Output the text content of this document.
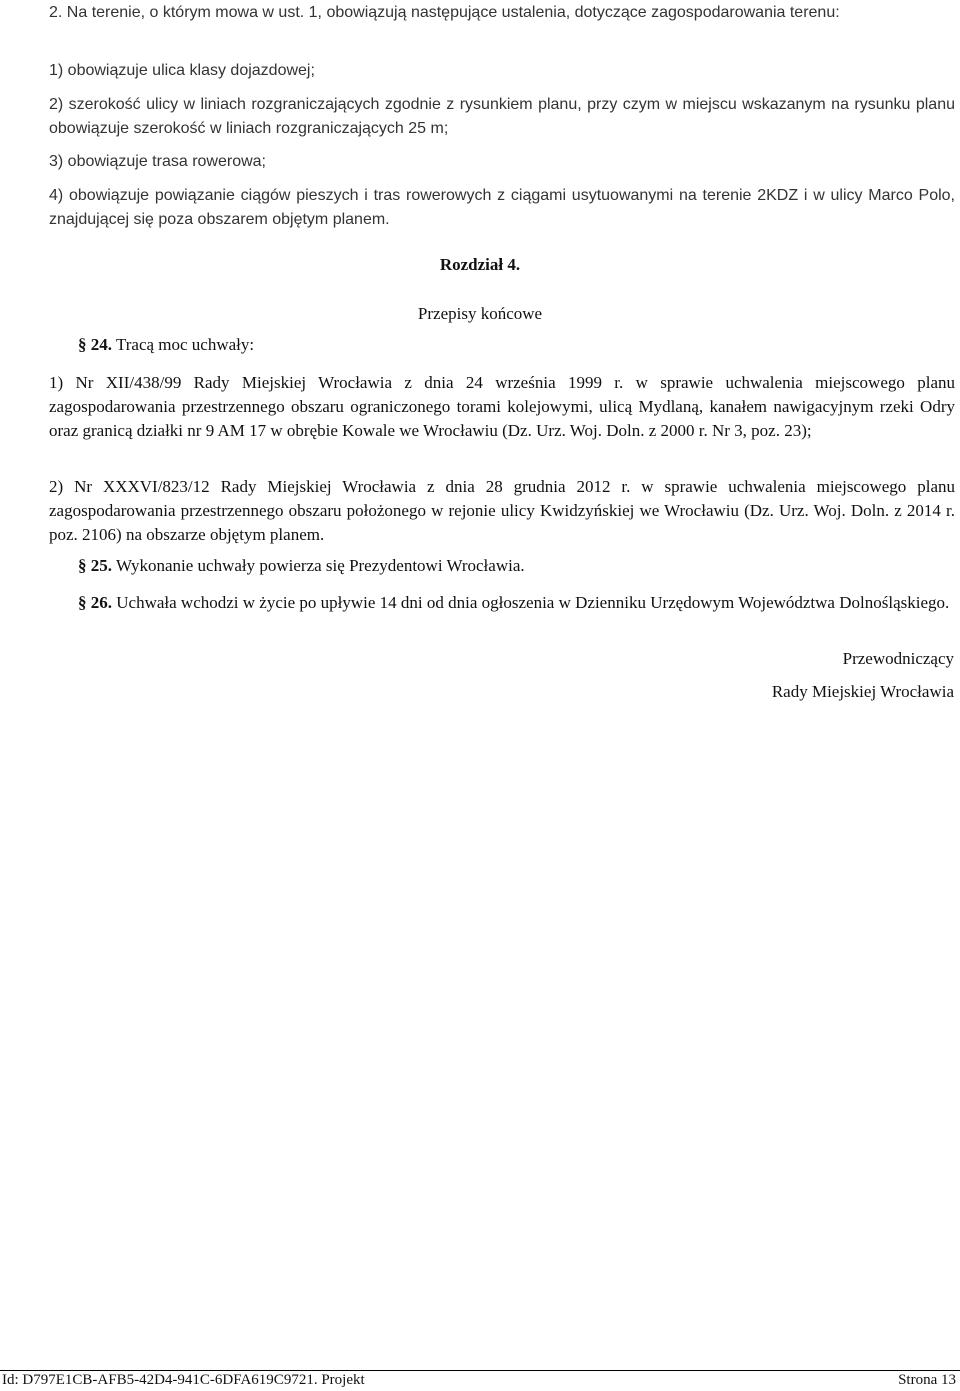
2. Na terenie, o którym mowa w ust. 1, obowiązują następujące ustalenia, dotyczące zagospodarowania terenu:
1) obowiązuje ulica klasy dojazdowej;
2) szerokość ulicy w liniach rozgraniczających zgodnie z rysunkiem planu, przy czym w miejscu wskazanym na rysunku planu obowiązuje szerokość w liniach rozgraniczających 25 m;
3) obowiązuje trasa rowerowa;
4) obowiązuje powiązanie ciągów pieszych i tras rowerowych z ciągami usytuowanymi na terenie 2KDZ i w ulicy Marco Polo, znajdującej się poza obszarem objętym planem.
Rozdział 4.
Przepisy końcowe
§ 24. Tracą moc uchwały:
1) Nr XII/438/99 Rady Miejskiej Wrocławia z dnia 24 września 1999 r. w sprawie uchwalenia miejscowego planu zagospodarowania przestrzennego obszaru ograniczonego torami kolejowymi, ulicą Mydlaną, kanałem nawigacyjnym rzeki Odry oraz granicą działki nr 9 AM 17 w obrębie Kowale we Wrocławiu (Dz. Urz. Woj. Doln. z 2000 r. Nr 3, poz. 23);
2) Nr XXXVI/823/12 Rady Miejskiej Wrocławia z dnia 28 grudnia 2012 r. w sprawie uchwalenia miejscowego planu zagospodarowania przestrzennego obszaru położonego w rejonie ulicy Kwidzyńskiej we Wrocławiu (Dz. Urz. Woj. Doln. z 2014 r. poz. 2106) na obszarze objętym planem.
§ 25. Wykonanie uchwały powierza się Prezydentowi Wrocławia.
§ 26. Uchwała wchodzi w życie po upływie 14 dni od dnia ogłoszenia w Dzienniku Urzędowym Województwa Dolnośląskiego.
Przewodniczący
Rady Miejskiej Wrocławia
Id: D797E1CB-AFB5-42D4-941C-6DFA619C9721. Projekt	Strona 13
